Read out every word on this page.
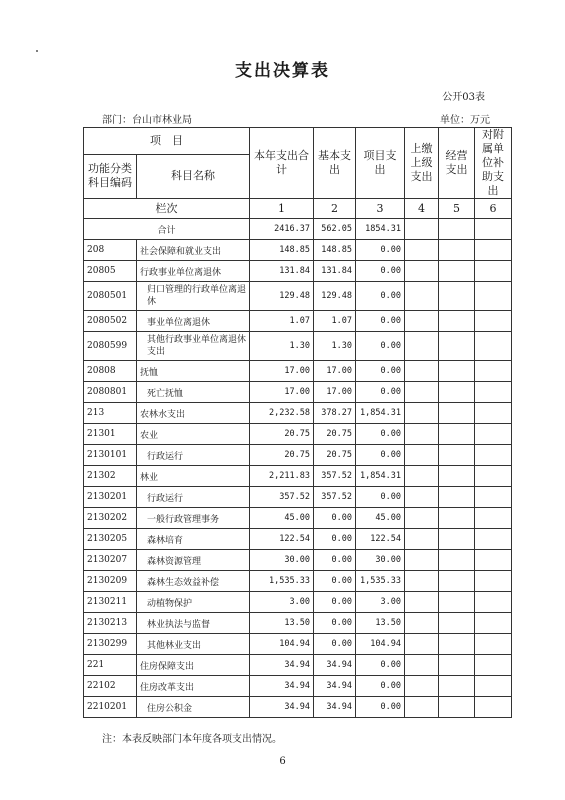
支出决算表
公开03表
部门：台山市林业局	单位：万元
项　目		本年支出合计	基本支出	项目支出	上缴上级支出	经营支出	对附属单位补助支出
功能分类科目编码	科目名称						
栏次		1	2	3	4	5	6
合计		2416.37	562.05	1854.31			
208	社会保障和就业支出	148.85	148.85	0.00			
20805	行政事业单位离退休	131.84	131.84	0.00			
2080501	归口管理的行政单位离退休	129.48	129.48	0.00			
2080502	事业单位离退休	1.07	1.07	0.00			
2080599	其他行政事业单位离退休支出	1.30	1.30	0.00			
20808	抚恤	17.00	17.00	0.00			
2080801	死亡抚恤	17.00	17.00	0.00			
213	农林水支出	2,232.58	378.27	1,854.31			
21301	农业	20.75	20.75	0.00			
2130101	行政运行	20.75	20.75	0.00			
21302	林业	2,211.83	357.52	1,854.31			
2130201	行政运行	357.52	357.52	0.00			
2130202	一般行政管理事务	45.00	0.00	45.00			
2130205	森林培育	122.54	0.00	122.54			
2130207	森林资源管理	30.00	0.00	30.00			
2130209	森林生态效益补偿	1,535.33	0.00	1,535.33			
2130211	动植物保护	3.00	0.00	3.00			
2130213	林业执法与监督	13.50	0.00	13.50			
2130299	其他林业支出	104.94	0.00	104.94			
221	住房保障支出	34.94	34.94	0.00			
22102	住房改革支出	34.94	34.94	0.00			
2210201	住房公积金	34.94	34.94	0.00			
注：本表反映部门本年度各项支出情况。
6
